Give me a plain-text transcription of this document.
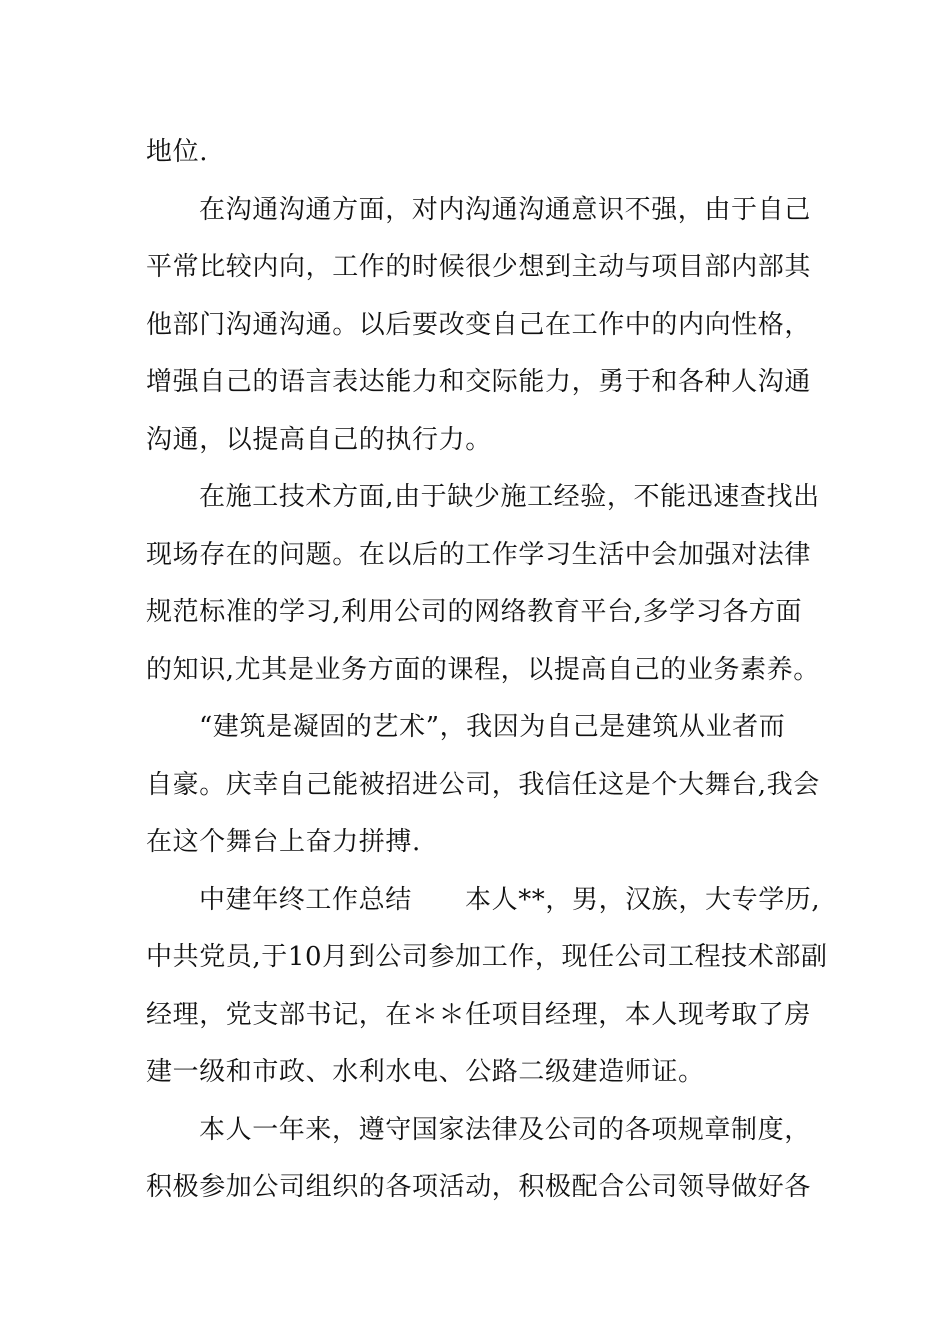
地位.
在沟通沟通方面，对内沟通沟通意识不强，由于自己
平常比较内向，工作的时候很少想到主动与项目部内部其
他部门沟通沟通。以后要改变自己在工作中的内向性格，
增强自己的语言表达能力和交际能力，勇于和各种人沟通
沟通，以提高自己的执行力。
在施工技术方面,由于缺少施工经验，不能迅速查找出
现场存在的问题。在以后的工作学习生活中会加强对法律
规范标准的学习,利用公司的网络教育平台,多学习各方面
的知识,尤其是业务方面的课程，以提高自己的业务素养。
“建筑是凝固的艺术”，我因为自己是建筑从业者而
自豪。庆幸自己能被招进公司，我信任这是个大舞台,我会
在这个舞台上奋力拼搏.
中建年终工作总结　　本人**，男，汉族，大专学历,
中共党员,于10月到公司参加工作，现任公司工程技术部副
经理，党支部书记，在＊＊任项目经理，本人现考取了房
建一级和市政、水利水电、公路二级建造师证。
本人一年来，遵守国家法律及公司的各项规章制度，
积极参加公司组织的各项活动，积极配合公司领导做好各
